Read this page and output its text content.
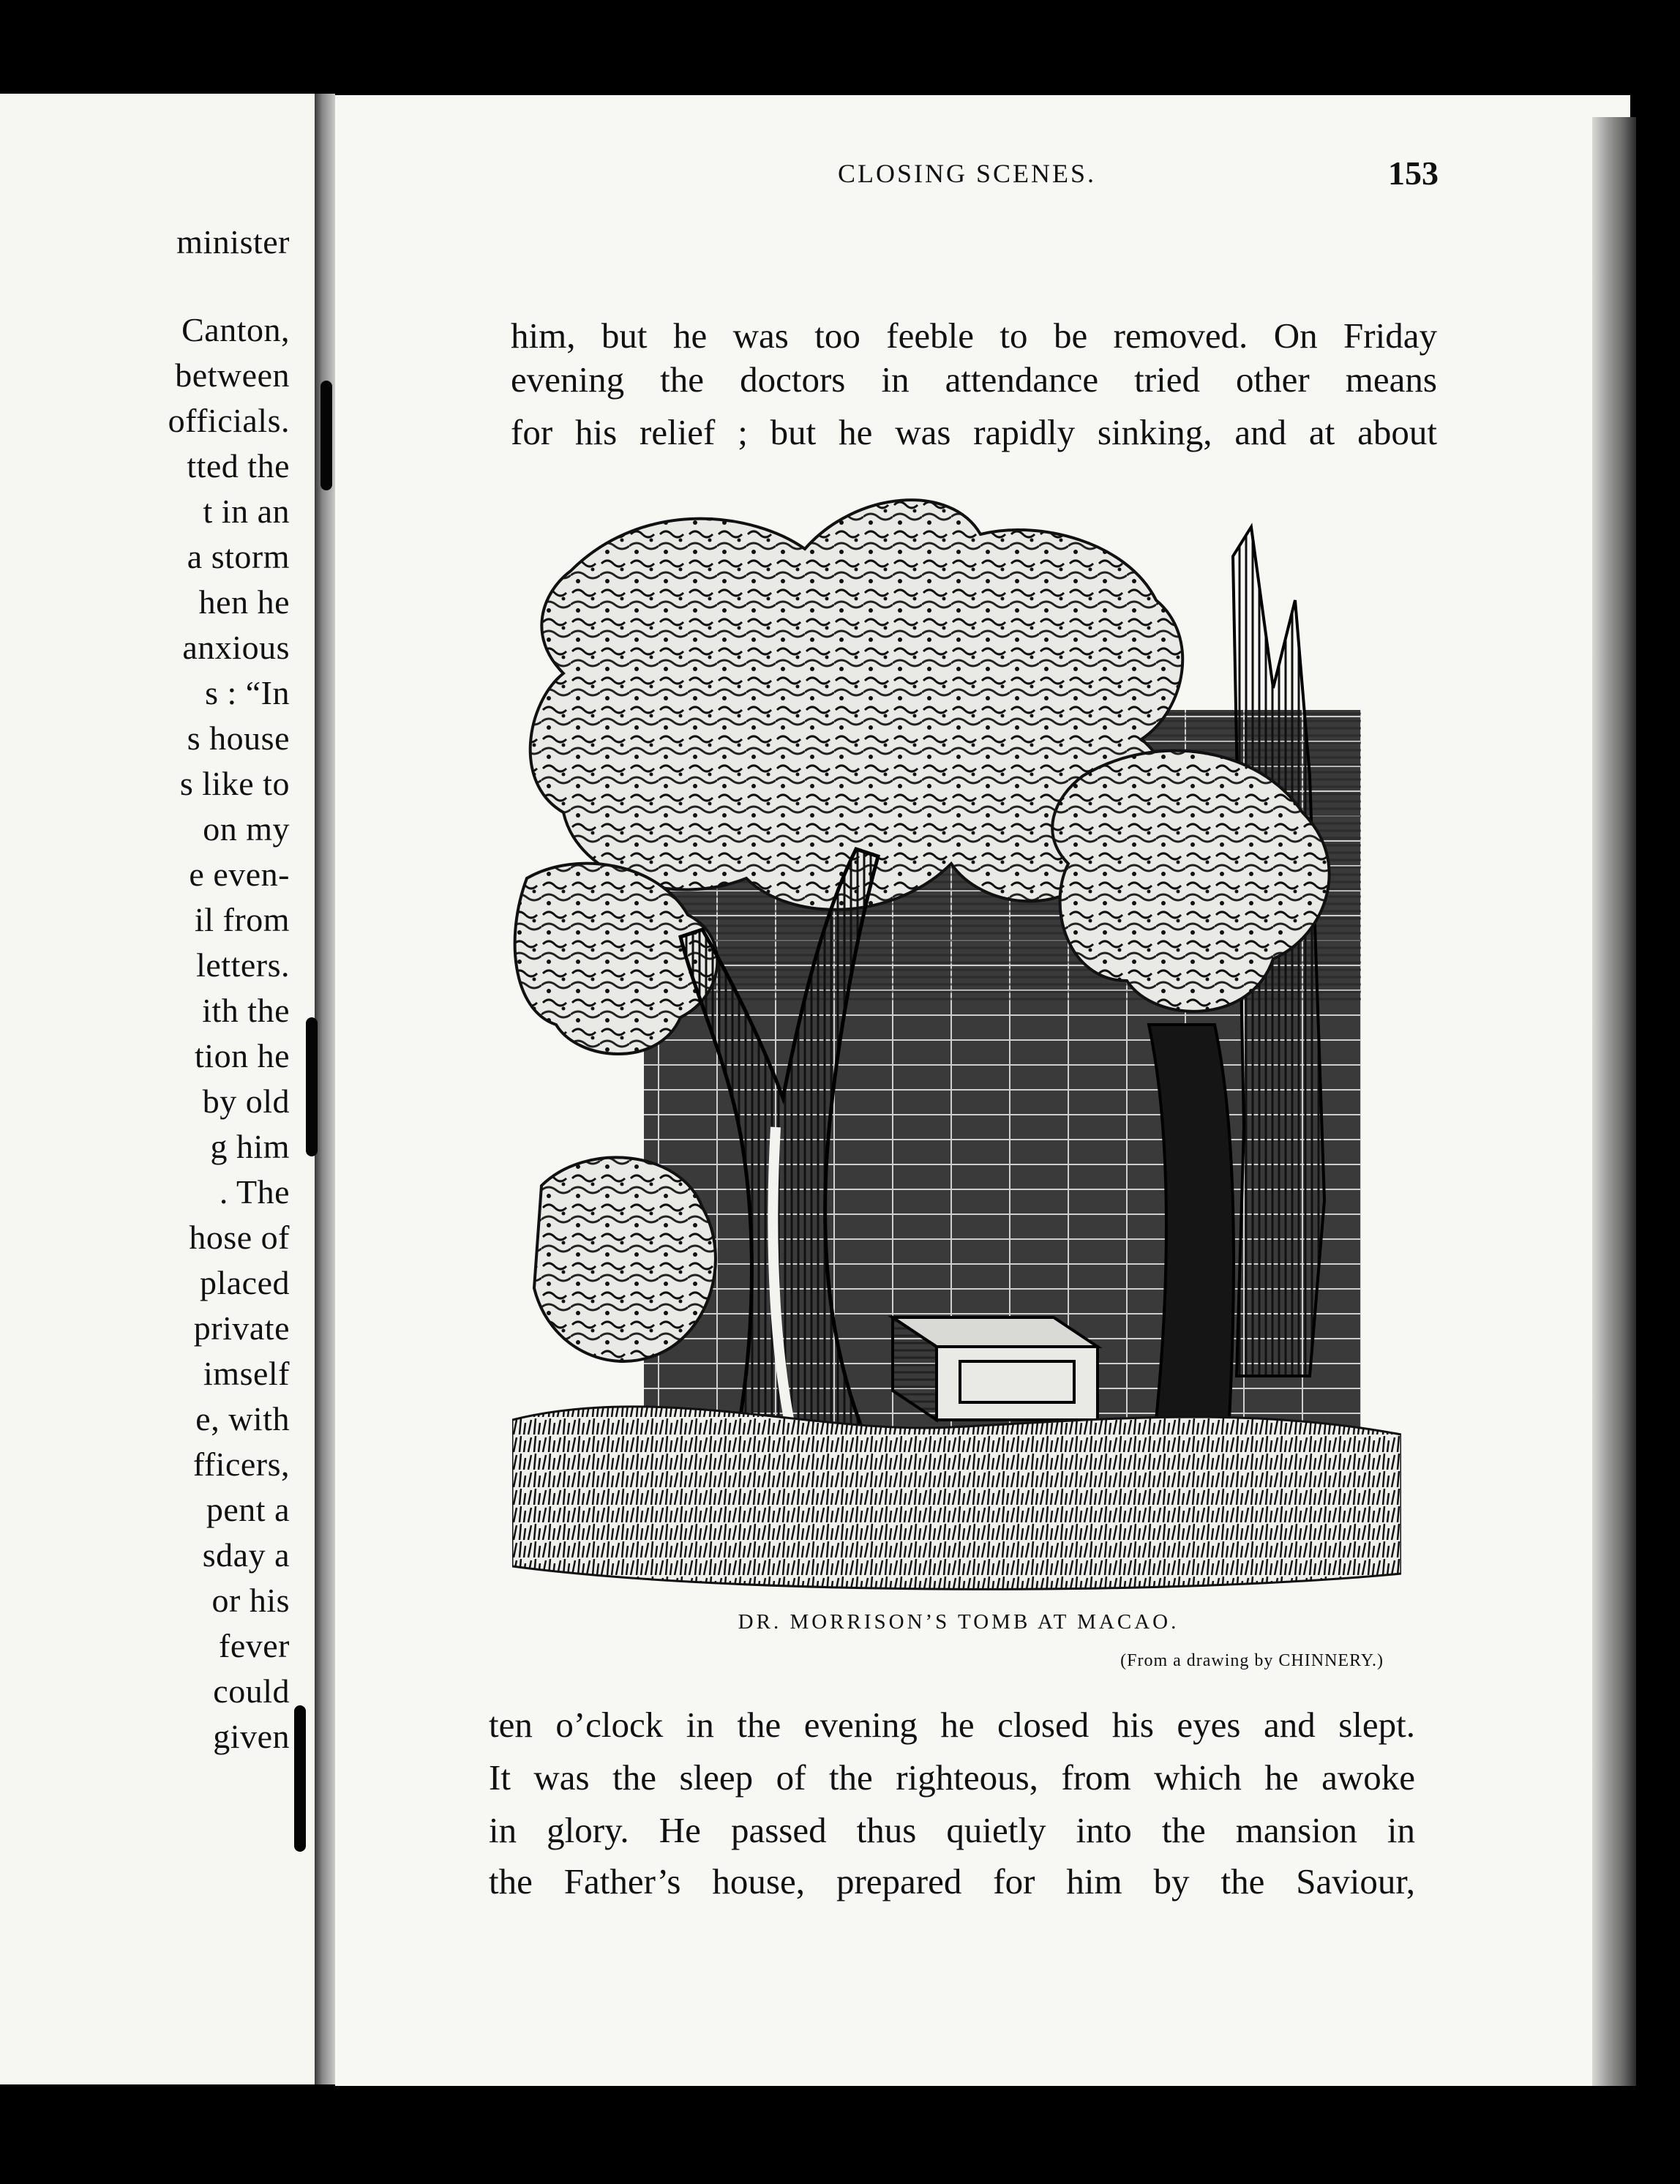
minister
Canton,
between
officials.
tted the
t in an
a storm
hen he
anxious
s : “In
s house
s like to
on my
e even-
il from
letters.
ith the
tion he
by old
g him
. The
hose of
placed
private
imself
e, with
fficers,
pent a
sday a
or his
fever
could
given
CLOSING SCENES.	153
him, but he was too feeble to be removed. On Friday
evening the doctors in attendance tried other means
for his relief ; but he was rapidly sinking, and at about
DR. MORRISON’S TOMB AT MACAO.
(From a drawing by CHINNERY.)
ten o’clock in the evening he closed his eyes and slept.
It was the sleep of the righteous, from which he awoke
in glory. He passed thus quietly into the mansion in
the Father’s house, prepared for him by the Saviour,
